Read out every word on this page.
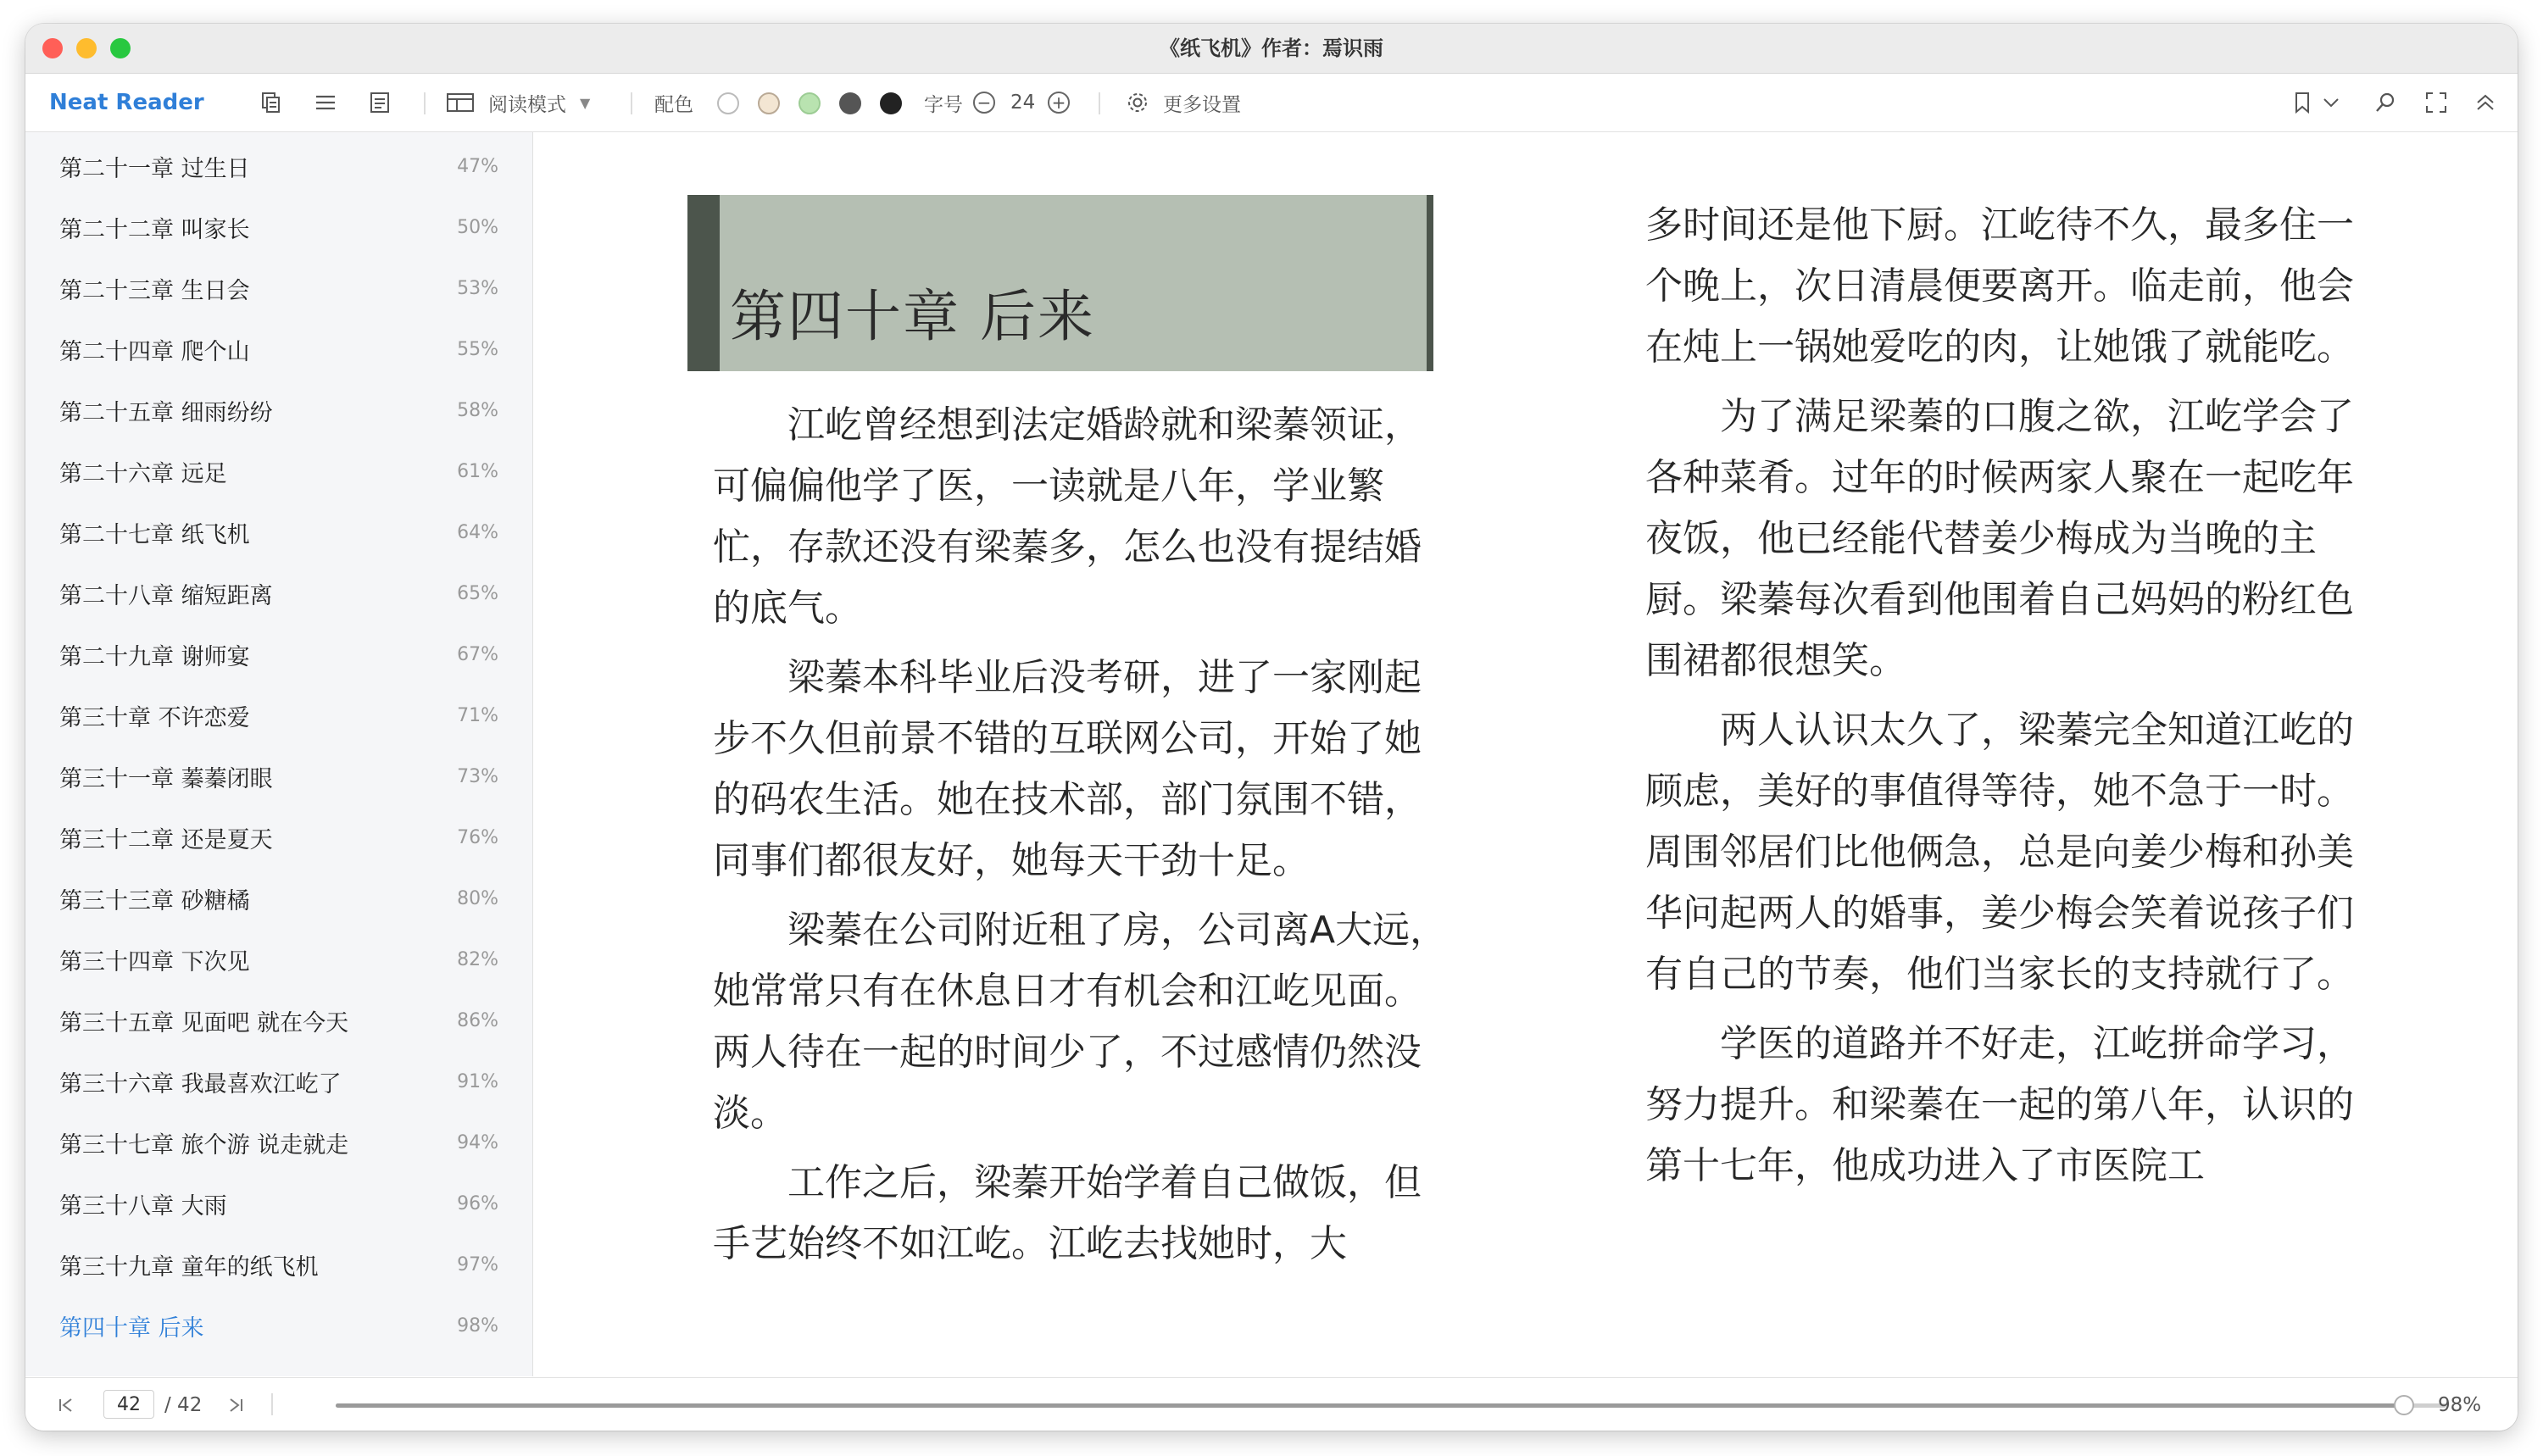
《纸飞机》作者：焉识雨
Neat Reader	阅读模式 ▼	配色	字号 − 24 +	更多设置
第二十一章 过生日	47%
第二十二章 叫家长	50%
第二十三章 生日会	53%
第二十四章 爬个山	55%
第二十五章 细雨纷纷	58%
第二十六章 远足	61%
第二十七章 纸飞机	64%
第二十八章 缩短距离	65%
第二十九章 谢师宴	67%
第三十章 不许恋爱	71%
第三十一章 蓁蓁闭眼	73%
第三十二章 还是夏天	76%
第三十三章 砂糖橘	80%
第三十四章 下次见	82%
第三十五章 见面吧 就在今天	86%
第三十六章 我最喜欢江屹了	91%
第三十七章 旅个游 说走就走	94%
第三十八章 大雨	96%
第三十九章 童年的纸飞机	97%
第四十章 后来	98%
第四十章 后来

江屹曾经想到法定婚龄就和梁蓁领证，可偏偏他学了医，一读就是八年，学业繁忙，存款还没有梁蓁多，怎么也没有提结婚的底气。

梁蓁本科毕业后没考研，进了一家刚起步不久但前景不错的互联网公司，开始了她的码农生活。她在技术部，部门氛围不错，同事们都很友好，她每天干劲十足。

梁蓁在公司附近租了房，公司离A大远，她常常只有在休息日才有机会和江屹见面。两人待在一起的时间少了，不过感情仍然没淡。

工作之后，梁蓁开始学着自己做饭，但手艺始终不如江屹。江屹去找她时，大

多时间还是他下厨。江屹待不久，最多住一个晚上，次日清晨便要离开。临走前，他会在炖上一锅她爱吃的肉，让她饿了就能吃。

为了满足梁蓁的口腹之欲，江屹学会了各种菜肴。过年的时候两家人聚在一起吃年夜饭，他已经能代替姜少梅成为当晚的主厨。梁蓁每次看到他围着自己妈妈的粉红色围裙都很想笑。

两人认识太久了，梁蓁完全知道江屹的顾虑，美好的事值得等待，她不急于一时。周围邻居们比他俩急，总是向姜少梅和孙美华问起两人的婚事，姜少梅会笑着说孩子们有自己的节奏，他们当家长的支持就行了。

学医的道路并不好走，江屹拼命学习，努力提升。和梁蓁在一起的第八年，认识的第十七年，他成功进入了市医院工

42	/ 42	98%
